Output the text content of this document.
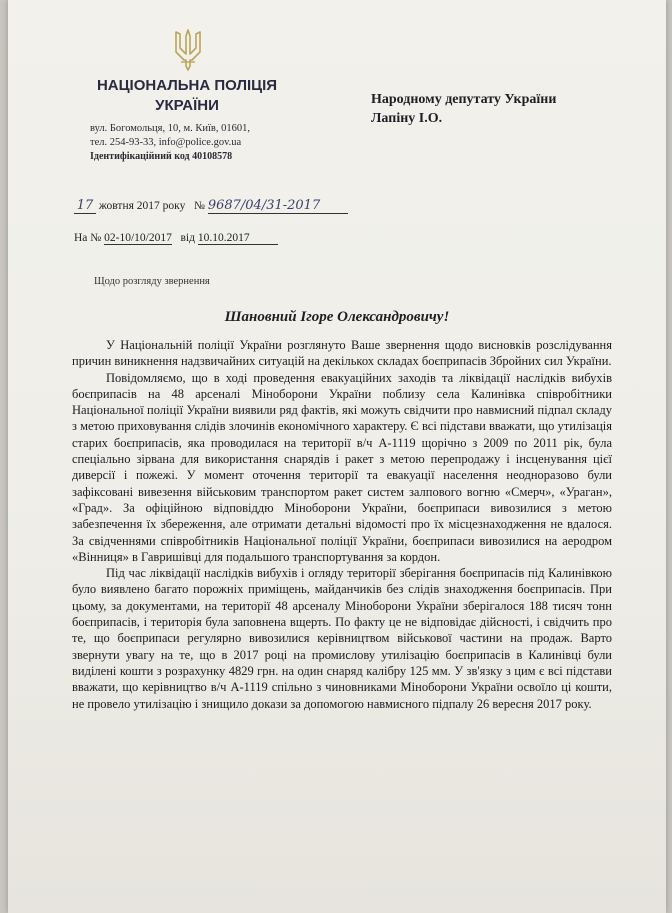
НАЦІОНАЛЬНА ПОЛІЦІЯ УКРАЇНИ
вул. Богомольця, 10, м. Київ, 01601,
тел. 254-93-33, info@police.gov.ua
Ідентифікаційний код 40108578
Народному депутату України
Лапіну І.О.
17 жовтня 2017 року № 9687/04/31-2017
На № 02-10/10/2017 від 10.10.2017
Щодо розгляду звернення
Шановний Ігоре Олександровичу!

У Національній поліції України розглянуто Ваше звернення щодо висновків розслідування причин виникнення надзвичайних ситуацій на декількох складах боєприпасів Збройних сил України.

Повідомляємо, що в ході проведення евакуаційних заходів та ліквідації наслідків вибухів боєприпасів на 48 арсеналі Міноборони України поблизу села Калинівка співробітники Національної поліції України виявили ряд фактів, які можуть свідчити про навмисний підпал складу з метою приховування слідів злочинів економічного характеру. Є всі підстави вважати, що утилізація старих боєприпасів, яка проводилася на території в/ч А-1119 щорічно з 2009 по 2011 рік, була спеціально зірвана для використання снарядів і ракет з метою перепродажу і інсценування цієї диверсії і пожежі. У момент оточення території та евакуації населення неодноразово були зафіксовані вивезення військовим транспортом ракет систем залпового вогню «Смерч», «Ураган», «Град». За офіційною відповіддю Міноборони України, боєприпаси вивозилися з метою забезпечення їх збереження, але отримати детальні відомості про їх місцезнаходження не вдалося. За свідченнями співробітників Національної поліції України, боєприпаси вивозилися на аеродром «Вінниця» в Гавришівці для подальшого транспортування за кордон.

Під час ліквідації наслідків вибухів і огляду території зберігання боєприпасів під Калинівкою було виявлено багато порожніх приміщень, майданчиків без слідів знаходження боєприпасів. При цьому, за документами, на території 48 арсеналу Міноборони України зберігалося 188 тисяч тонн боєприпасів, і територія була заповнена вщерть. По факту це не відповідає дійсності, і свідчить про те, що боєприпаси регулярно вивозилися керівництвом військової частини на продаж. Варто звернути увагу на те, що в 2017 році на промислову утилізацію боєприпасів в Калинівці були виділені кошти з розрахунку 4829 грн. на один снаряд калібру 125 мм. У зв'язку з цим є всі підстави вважати, що керівництво в/ч А-1119 спільно з чиновниками Міноборони України освоїло ці кошти, не провело утилізацію і знищило докази за допомогою навмисного підпалу 26 вересня 2017 року.
